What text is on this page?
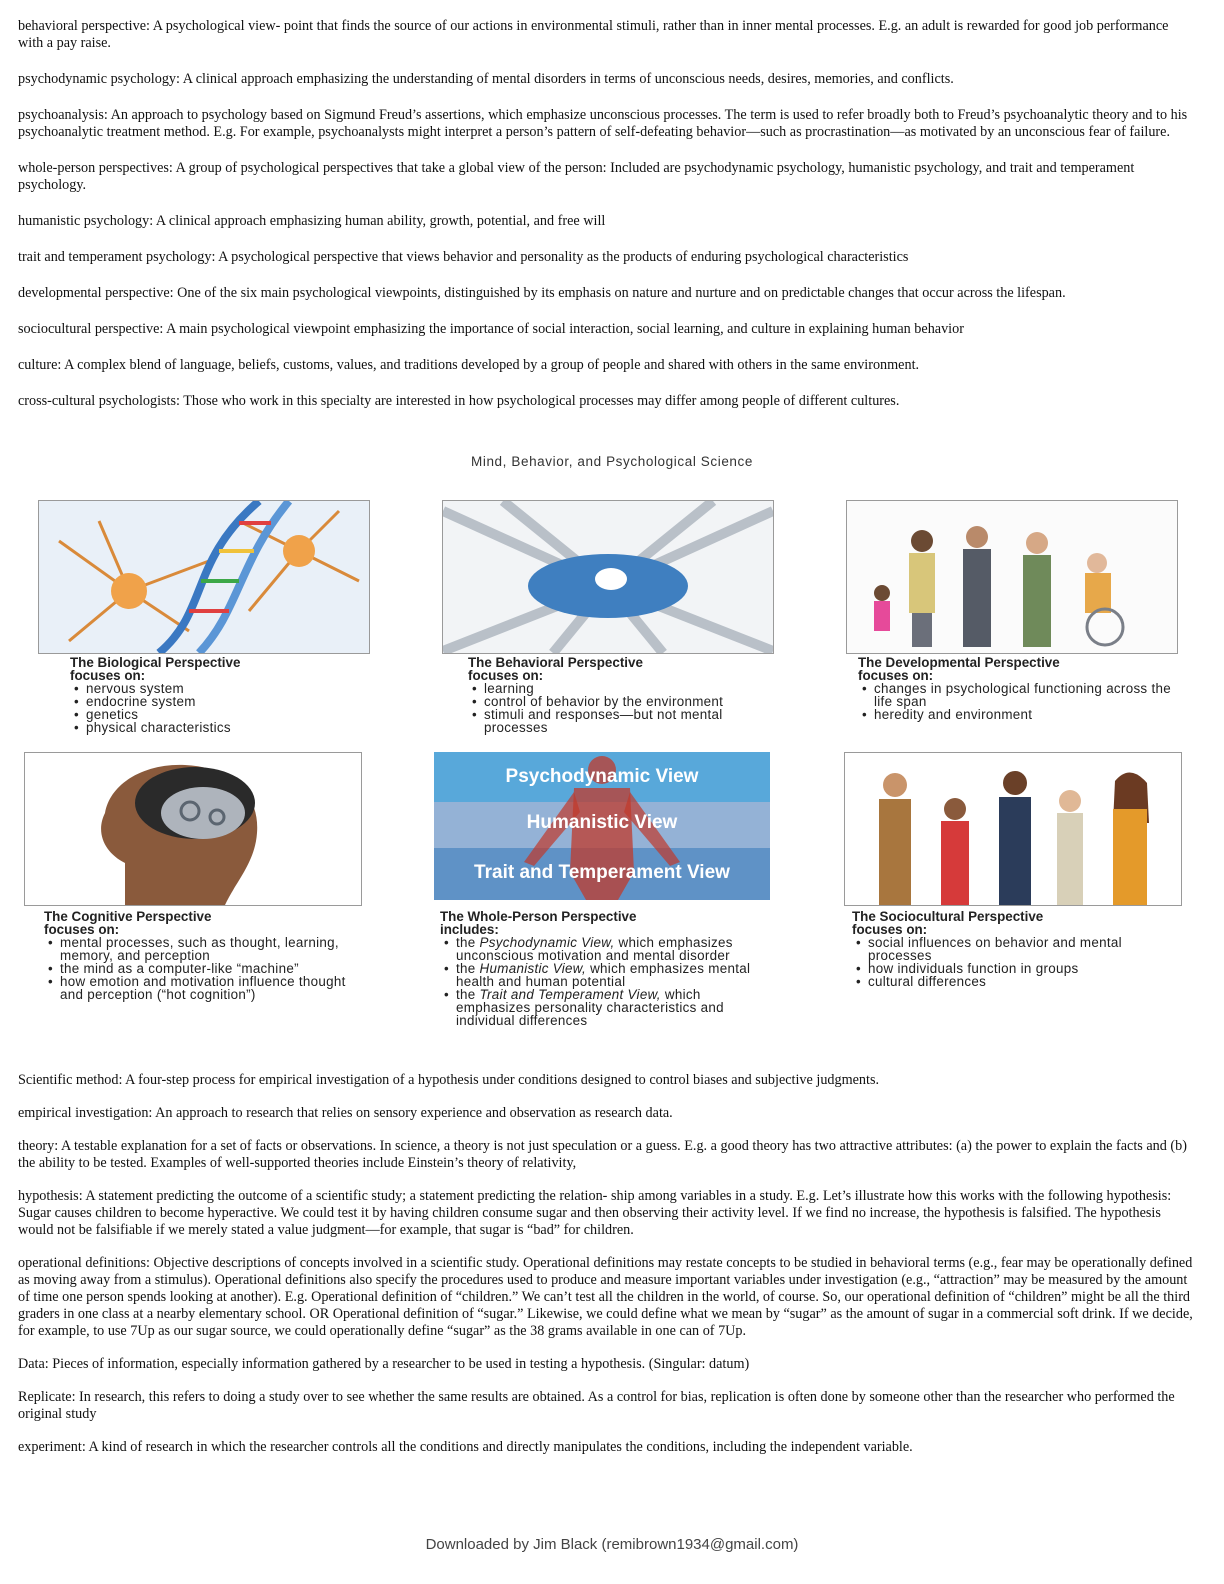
behavioral perspective: A psychological view- point that finds the source of our actions in environmental stimuli, rather than in inner mental processes. E.g. an adult is rewarded for good job performance with a pay raise.

psychodynamic psychology: A clinical approach emphasizing the understanding of mental disorders in terms of unconscious needs, desires, memories, and conflicts.

psychoanalysis: An approach to psychology based on Sigmund Freud’s assertions, which emphasize unconscious processes. The term is used to refer broadly both to Freud’s psychoanalytic theory and to his psychoanalytic treatment method. E.g. For example, psychoanalysts might interpret a person’s pattern of self-defeating behavior—such as procrastination—as motivated by an unconscious fear of failure.

whole-person perspectives: A group of psychological perspectives that take a global view of the person: Included are psychodynamic psychology, humanistic psychology, and trait and temperament psychology.

humanistic psychology: A clinical approach emphasizing human ability, growth, potential, and free will

trait and temperament psychology: A psychological perspective that views behavior and personality as the products of enduring psychological characteristics

developmental perspective: One of the six main psychological viewpoints, distinguished by its emphasis on nature and nurture and on predictable changes that occur across the lifespan.

sociocultural perspective: A main psychological viewpoint emphasizing the importance of social interaction, social learning, and culture in explaining human behavior

culture: A complex blend of language, beliefs, customs, values, and traditions developed by a group of people and shared with others in the same environment.

cross-cultural psychologists: Those who work in this specialty are interested in how psychological processes may differ among people of different cultures.

Mind, Behavior, and Psychological Science
The Biological Perspective
focuses on:
• nervous system
• endocrine system
• genetics
• physical characteristics
The Behavioral Perspective
focuses on:
• learning
• control of behavior by the environment
• stimuli and responses—but not mental processes
The Developmental Perspective
focuses on:
• changes in psychological functioning across the life span
• heredity and environment
The Cognitive Perspective
focuses on:
• mental processes, such as thought, learning, memory, and perception
• the mind as a computer-like “machine”
• how emotion and motivation influence thought and perception (“hot cognition”)
Psychodynamic View
Humanistic View
Trait and Temperament View
The Whole-Person Perspective
includes:
• the Psychodynamic View, which emphasizes unconscious motivation and mental disorder
• the Humanistic View, which emphasizes mental health and human potential
• the Trait and Temperament View, which emphasizes personality characteristics and individual differences
The Sociocultural Perspective
focuses on:
• social influences on behavior and mental processes
• how individuals function in groups
• cultural differences

Scientific method: A four-step process for empirical investigation of a hypothesis under conditions designed to control biases and subjective judgments.

empirical investigation: An approach to research that relies on sensory experience and observation as research data.

theory: A testable explanation for a set of facts or observations. In science, a theory is not just speculation or a guess. E.g. a good theory has two attractive attributes: (a) the power to explain the facts and (b) the ability to be tested. Examples of well-supported theories include Einstein’s theory of relativity,

hypothesis: A statement predicting the outcome of a scientific study; a statement predicting the relation- ship among variables in a study. E.g. Let’s illustrate how this works with the following hypothesis: Sugar causes children to become hyperactive. We could test it by having children consume sugar and then observing their activity level. If we find no increase, the hypothesis is falsified. The hypothesis would not be falsifiable if we merely stated a value judgment—for example, that sugar is “bad” for children.

operational definitions: Objective descriptions of concepts involved in a scientific study. Operational definitions may restate concepts to be studied in behavioral terms (e.g., fear may be operationally defined as moving away from a stimulus). Operational definitions also specify the procedures used to produce and measure important variables under investigation (e.g., “attraction” may be measured by the amount of time one person spends looking at another). E.g. Operational definition of “children.” We can’t test all the children in the world, of course. So, our operational definition of “children” might be all the third graders in one class at a nearby elementary school. OR Operational definition of “sugar.” Likewise, we could define what we mean by “sugar” as the amount of sugar in a commercial soft drink. If we decide, for example, to use 7Up as our sugar source, we could operationally define “sugar” as the 38 grams available in one can of 7Up.

Data: Pieces of information, especially information gathered by a researcher to be used in testing a hypothesis. (Singular: datum)

Replicate: In research, this refers to doing a study over to see whether the same results are obtained. As a control for bias, replication is often done by someone other than the researcher who performed the original study

experiment: A kind of research in which the researcher controls all the conditions and directly manipulates the conditions, including the independent variable.

Downloaded by Jim Black (remibrown1934@gmail.com)
